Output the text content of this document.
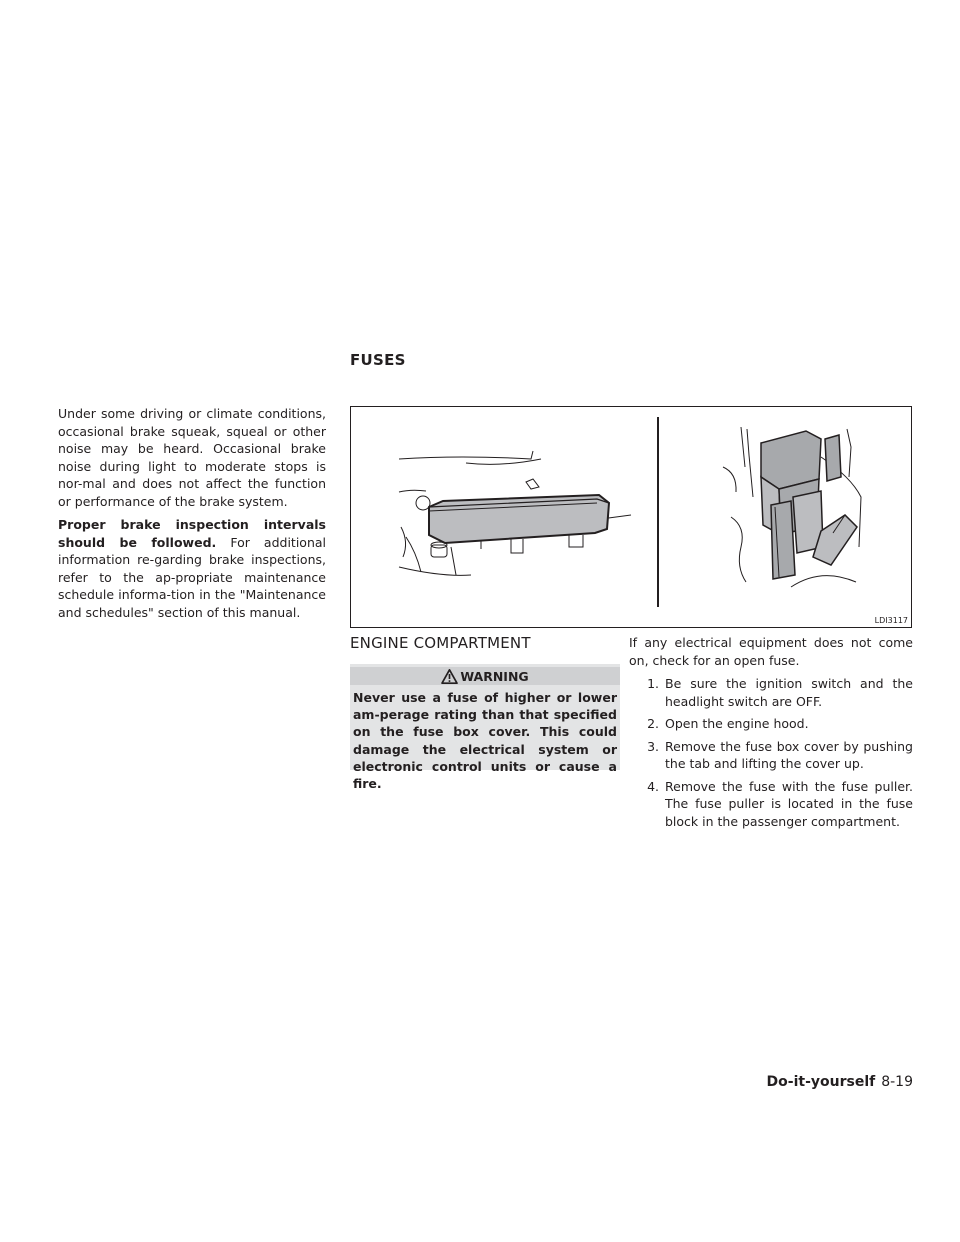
FUSES

Under some driving or climate conditions, occasional brake squeak, squeal or other noise may be heard. Occasional brake noise during light to moderate stops is nor-mal and does not affect the function or performance of the brake system.

Proper brake inspection intervals should be followed. For additional information re-garding brake inspections, refer to the ap-propriate maintenance schedule informa-tion in the "Maintenance and schedules" section of this manual.

LDI3117
ENGINE COMPARTMENT
WARNING
Never use a fuse of higher or lower am-perage rating than that specified on the fuse box cover. This could damage the electrical system or electronic control units or cause a fire.

If any electrical equipment does not come on, check for an open fuse.

1. Be sure the ignition switch and the headlight switch are OFF.
2. Open the engine hood.
3. Remove the fuse box cover by pushing the tab and lifting the cover up.
4. Remove the fuse with the fuse puller. The fuse puller is located in the fuse block in the passenger compartment.
Do-it-yourself 8-19
